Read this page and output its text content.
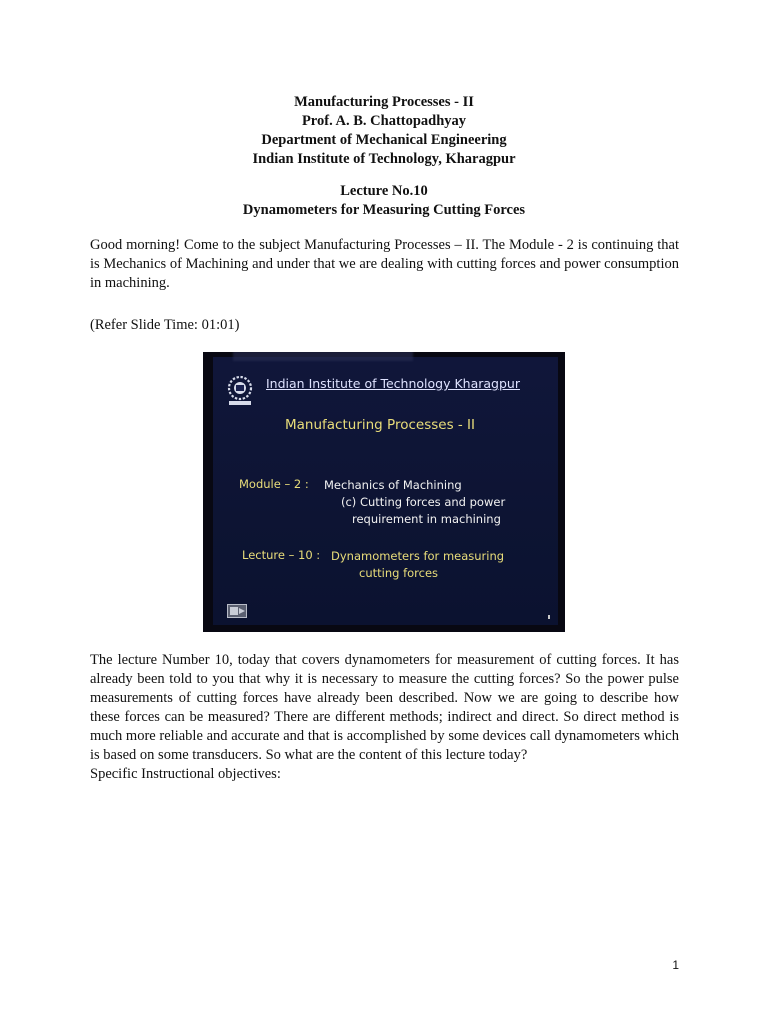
Manufacturing Processes - II
Prof. A. B. Chattopadhyay
Department of Mechanical Engineering
Indian Institute of Technology, Kharagpur
Lecture No.10
Dynamometers for Measuring Cutting Forces
Good morning! Come to the subject Manufacturing Processes – II. The Module - 2 is continuing that is Mechanics of Machining and under that we are dealing with cutting forces and power consumption in machining.
(Refer Slide Time: 01:01)
Indian Institute of Technology Kharagpur
Manufacturing Processes - II
Module – 2 : Mechanics of Machining
(c) Cutting forces and power
requirement in machining
Lecture – 10 : Dynamometers for measuring
cutting forces
The lecture Number 10, today that covers dynamometers for measurement of cutting forces. It has already been told to you that why it is necessary to measure the cutting forces? So the power pulse measurements of cutting forces have already been described. Now we are going to describe how these forces can be measured? There are different methods; indirect and direct. So direct method is much more reliable and accurate and that is accomplished by some devices call dynamometers which is based on some transducers. So what are the content of this lecture today?
Specific Instructional objectives:
1
